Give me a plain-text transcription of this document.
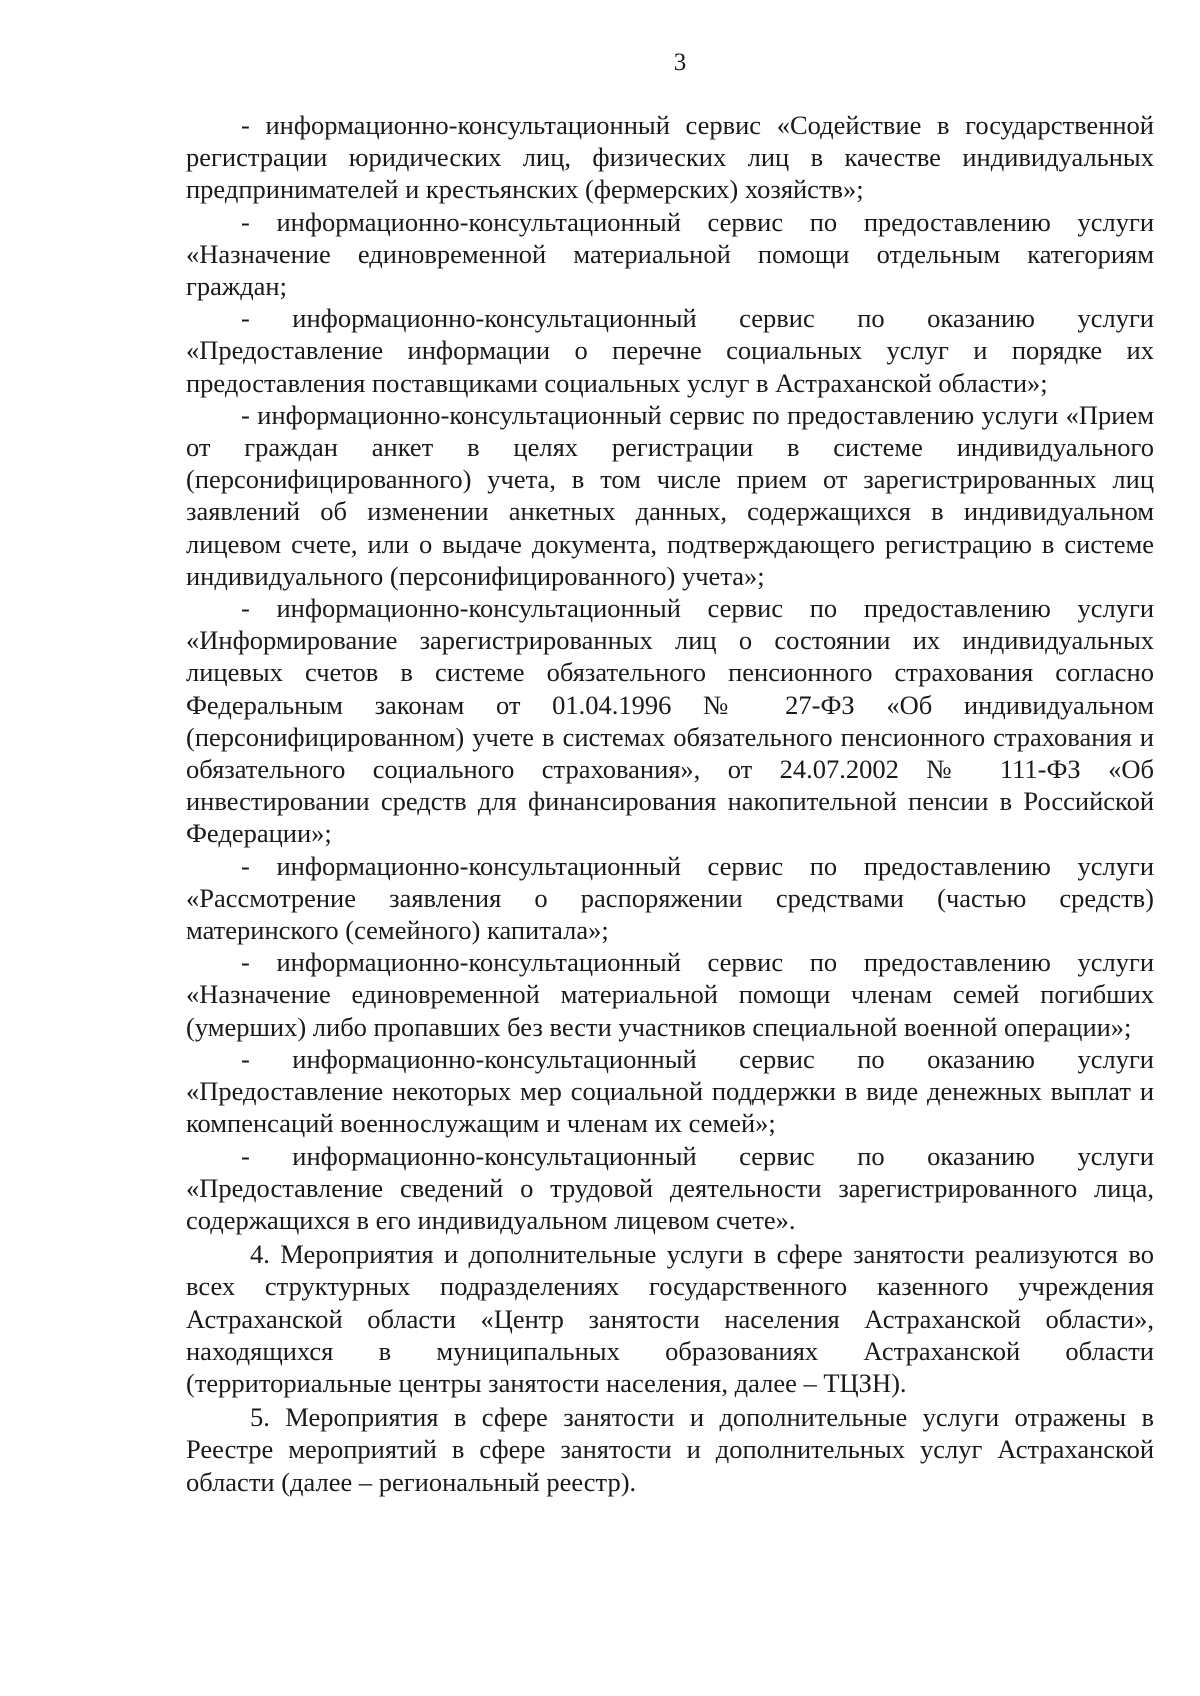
3

- информационно-консультационный сервис «Содействие в государственной регистрации юридических лиц, физических лиц в качестве индивидуальных предпринимателей и крестьянских (фермерских) хозяйств»;

- информационно-консультационный сервис по предоставлению услуги «Назначение единовременной материальной помощи отдельным категориям граждан;

- информационно-консультационный сервис по оказанию услуги «Предоставление информации о перечне социальных услуг и порядке их предоставления поставщиками социальных услуг в Астраханской области»;

- информационно-консультационный сервис по предоставлению услуги «Прием от граждан анкет в целях регистрации в системе индивидуального (персонифицированного) учета, в том числе прием от зарегистрированных лиц заявлений об изменении анкетных данных, содержащихся в индивидуальном лицевом счете, или о выдаче документа, подтверждающего регистрацию в системе индивидуального (персонифицированного) учета»;

- информационно-консультационный сервис по предоставлению услуги «Информирование зарегистрированных лиц о состоянии их индивидуальных лицевых счетов в системе обязательного пенсионного страхования согласно Федеральным законам от 01.04.1996 № 27-ФЗ «Об индивидуальном (персонифицированном) учете в системах обязательного пенсионного страхования и обязательного социального страхования», от 24.07.2002 № 111-ФЗ «Об инвестировании средств для финансирования накопительной пенсии в Российской Федерации»;

- информационно-консультационный сервис по предоставлению услуги «Рассмотрение заявления о распоряжении средствами (частью средств) материнского (семейного) капитала»;

- информационно-консультационный сервис по предоставлению услуги «Назначение единовременной материальной помощи членам семей погибших (умерших) либо пропавших без вести участников специальной военной операции»;

- информационно-консультационный сервис по оказанию услуги «Предоставление некоторых мер социальной поддержки в виде денежных выплат и компенсаций военнослужащим и членам их семей»;

- информационно-консультационный сервис по оказанию услуги «Предоставление сведений о трудовой деятельности зарегистрированного лица, содержащихся в его индивидуальном лицевом счете».

4. Мероприятия и дополнительные услуги в сфере занятости реализуются во всех структурных подразделениях государственного казенного учреждения Астраханской области «Центр занятости населения Астраханской области», находящихся в муниципальных образованиях Астраханской области (территориальные центры занятости населения, далее – ТЦЗН).

5. Мероприятия в сфере занятости и дополнительные услуги отражены в Реестре мероприятий в сфере занятости и дополнительных услуг Астраханской области (далее – региональный реестр).
